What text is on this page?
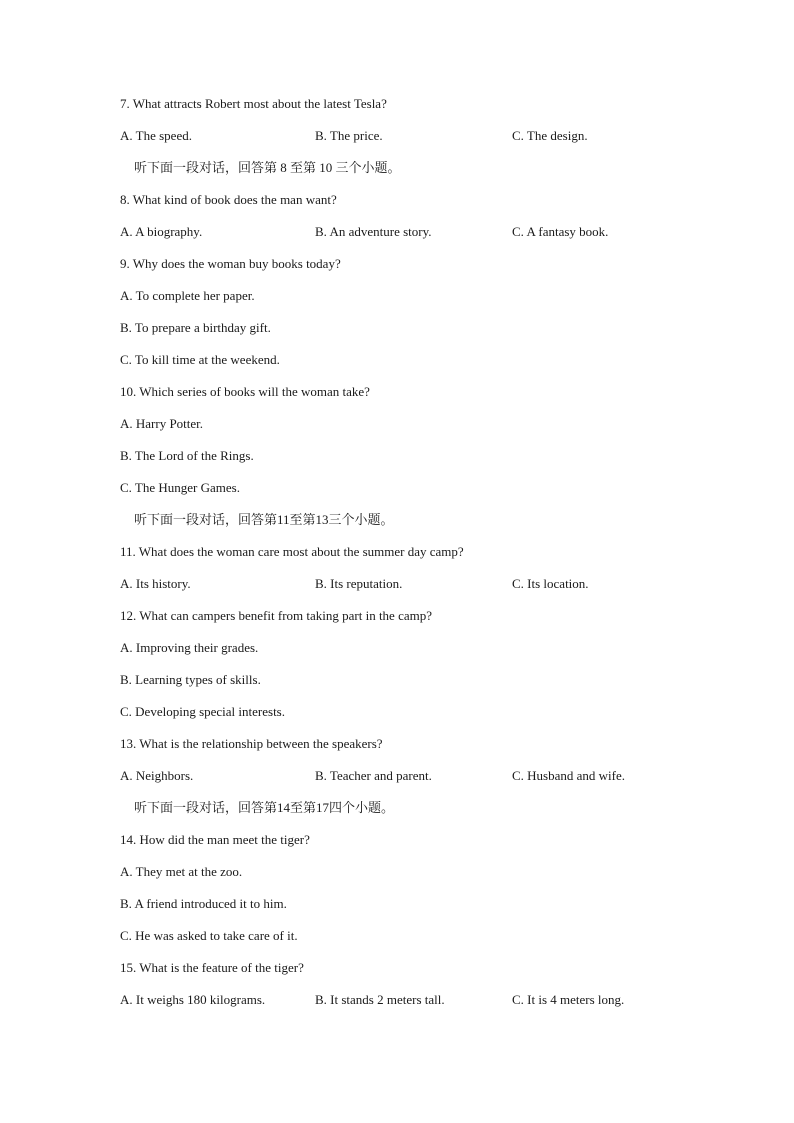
7. What attracts Robert most about the latest Tesla?
A. The speed.	B. The price.	C. The design.
听下面一段对话，回答第 8 至第 10 三个小题。
8. What kind of book does the man want?
A. A biography.	B. An adventure story.	C. A fantasy book.
9. Why does the woman buy books today?
A. To complete her paper.
B. To prepare a birthday gift.
C. To kill time at the weekend.
10. Which series of books will the woman take?
A. Harry Potter.
B. The Lord of the Rings.
C. The Hunger Games.
听下面一段对话，回答第11至第13三个小题。
11. What does the woman care most about the summer day camp?
A. Its history.	B. Its reputation.	C. Its location.
12. What can campers benefit from taking part in the camp?
A. Improving their grades.
B. Learning types of skills.
C. Developing special interests.
13. What is the relationship between the speakers?
A. Neighbors.	B. Teacher and parent.	C. Husband and wife.
听下面一段对话，回答第14至第17四个小题。
14. How did the man meet the tiger?
A. They met at the zoo.
B. A friend introduced it to him.
C. He was asked to take care of it.
15. What is the feature of the tiger?
A. It weighs 180 kilograms.	B. It stands 2 meters tall.	C. It is 4 meters long.
